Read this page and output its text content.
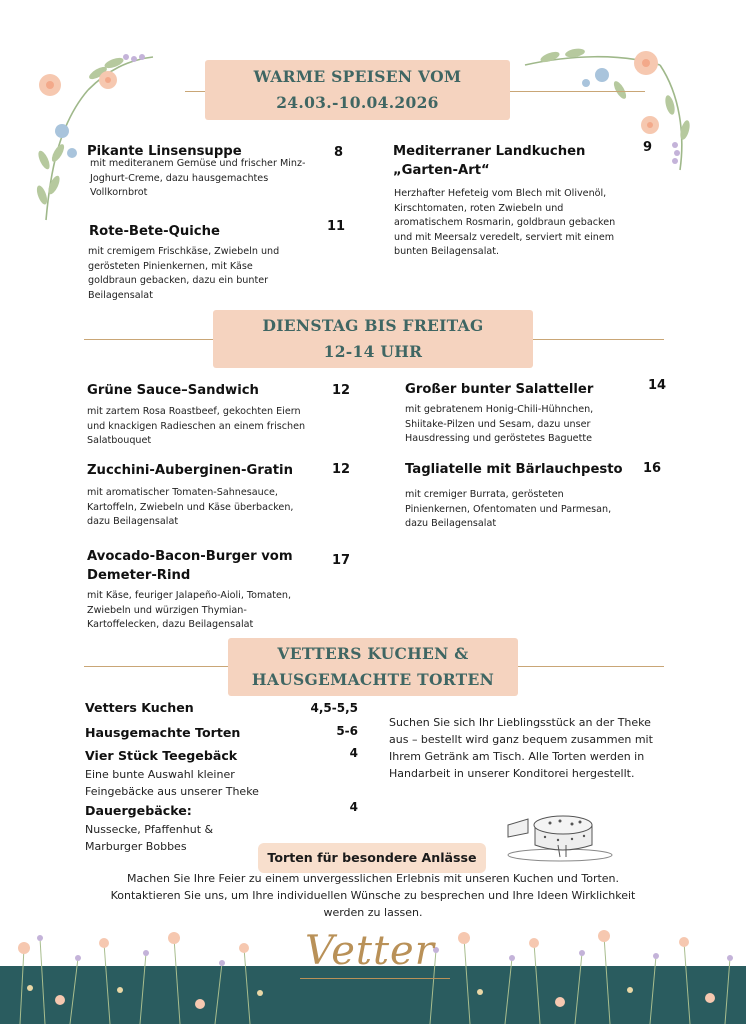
WARME SPEISEN VOM
24.03.-10.04.2026
Pikante Linsensuppe	8
mit mediteranem Gemüse und frischer Minz-Joghurt-Creme, dazu hausgemachtes Vollkornbrot
Rote-Bete-Quiche	11
mit cremigem Frischkäse, Zwiebeln und gerösteten Pinienkernen, mit Käse goldbraun gebacken, dazu ein bunter Beilagensalat
Mediterraner Landkuchen „Garten-Art“
9
Herzhafter Hefeteig vom Blech mit Olivenöl, Kirschtomaten, roten Zwiebeln und aromatischem Rosmarin, goldbraun gebacken und mit Meersalz veredelt, serviert mit einem bunten Beilagensalat.
DIENSTAG BIS FREITAG
12-14 UHR
Grüne Sauce–Sandwich	12
mit zartem Rosa Roastbeef, gekochten Eiern und knackigen Radieschen an einem frischen Salatbouquet
Zucchini-Auberginen-Gratin	12
mit aromatischer Tomaten-Sahnesauce, Kartoffeln, Zwiebeln und Käse überbacken, dazu Beilagensalat
Avocado-Bacon-Burger vom Demeter-Rind
17
mit Käse, feuriger Jalapeño-Aioli, Tomaten, Zwiebeln und würzigen Thymian-Kartoffelecken, dazu Beilagensalat
Großer bunter Salatteller	14
mit gebratenem Honig-Chili-Hühnchen, Shiitake-Pilzen und Sesam, dazu unser Hausdressing und geröstetes Baguette
Tagliatelle mit Bärlauchpesto 16
mit cremiger Burrata, gerösteten Pinienkernen, Ofentomaten und Parmesan, dazu Beilagensalat
VETTERS KUCHEN &
HAUSGEMACHTE TORTEN
Vetters Kuchen	4,5-5,5
Hausgemachte Torten	5-6
Vier Stück Teegebäck	4
Eine bunte Auswahl kleiner Feingebäcke aus unserer Theke
Dauergebäcke:	4
Nussecke, Pfaffenhut & Marburger Bobbes
Suchen Sie sich Ihr Lieblingsstück an der Theke aus – bestellt wird ganz bequem zusammen mit Ihrem Getränk am Tisch. Alle Torten werden in Handarbeit in unserer Konditorei hergestellt.
Torten für besondere Anlässe
Machen Sie Ihre Feier zu einem unvergesslichen Erlebnis mit unseren Kuchen und Torten. Kontaktieren Sie uns, um Ihre individuellen Wünsche zu besprechen und Ihre Ideen Wirklichkeit werden zu lassen.
Vetter
